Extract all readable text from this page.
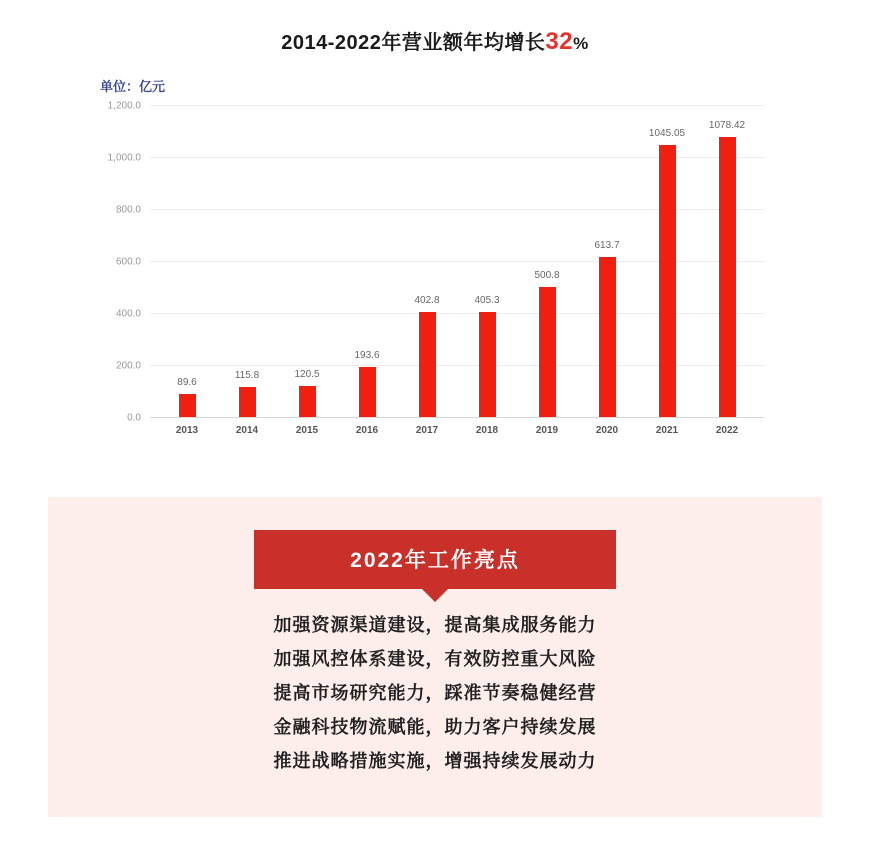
2014-2022年营业额年均增长32%
单位：亿元
0.0
200.0
400.0
600.0
800.0
1,000.0
1,200.0
89.6
115.8	120.5
193.6
402.8	405.3
500.8
613.7
1045.05
1078.42
2013	2014	2015	2016	2017	2018	2019	2020	2021	2022
2022年工作亮点
加强资源渠道建设，提高集成服务能力
加强风控体系建设，有效防控重大风险
提高市场研究能力，踩准节奏稳健经营
金融科技物流赋能，助力客户持续发展
推进战略措施实施，增强持续发展动力
